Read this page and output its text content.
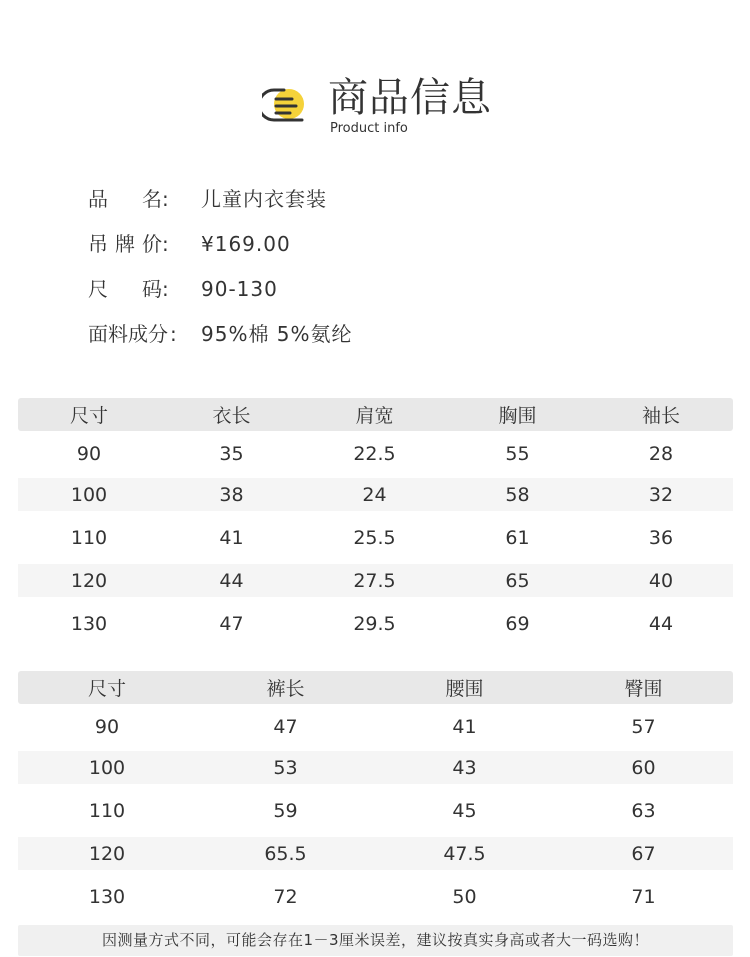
商品信息
Product info
品 名 :	儿童内衣套装
吊 牌 价 :	¥169.00
尺 码 :	90-130
面料成分 :	95%棉 5%氨纶
尺寸	衣长	肩宽	胸围	袖长
90	35	22.5	55	28
100	38	24	58	32
110	41	25.5	61	36
120	44	27.5	65	40
130	47	29.5	69	44
尺寸	裤长	腰围	臀围
90	47	41	57
100	53	43	60
110	59	45	63
120	65.5	47.5	67
130	72	50	71
因测量方式不同，可能会存在1－3厘米误差，建议按真实身高或者大一码选购！
